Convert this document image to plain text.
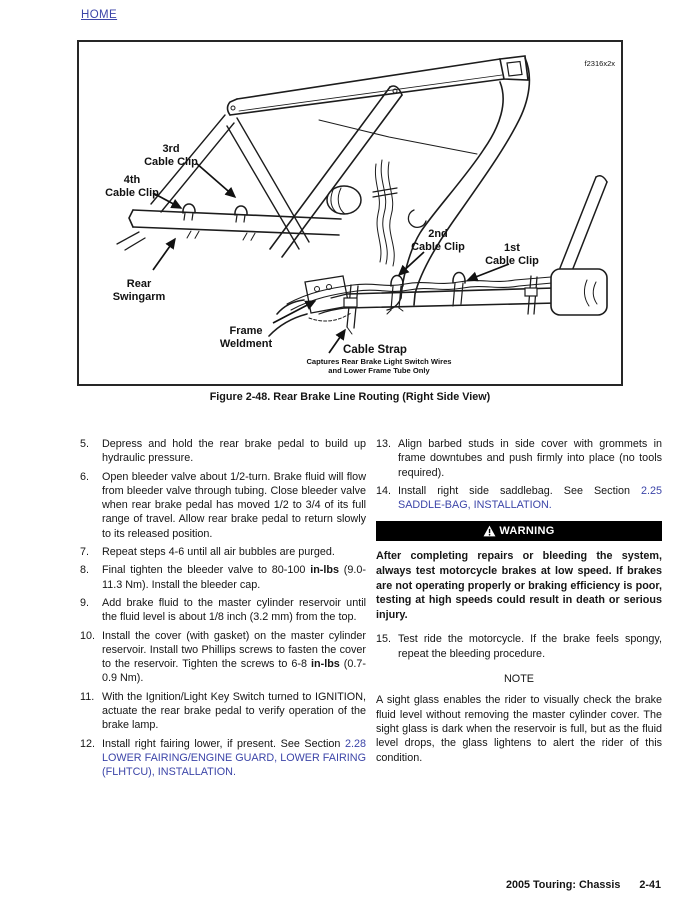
HOME
f2316x2x
3rd
Cable Clip
4th
Cable Clip
2nd
Cable Clip	1st
Cable Clip
Rear
Swingarm
Frame
Weldment	Cable Strap
Captures Rear Brake Light Switch Wires
and Lower Frame Tube Only
Figure 2-48. Rear Brake Line Routing (Right Side View)
5.	Depress and hold the rear brake pedal to build up hydraulic pressure.
6.	Open bleeder valve about 1/2-turn. Brake fluid will flow from bleeder valve through tubing. Close bleeder valve when rear brake pedal has moved 1/2 to 3/4 of its full range of travel. Allow rear brake pedal to return slowly to its released position.
7.	Repeat steps 4-6 until all air bubbles are purged.
8.	Final tighten the bleeder valve to 80-100 in-lbs (9.0-11.3 Nm). Install the bleeder cap.
9.	Add brake fluid to the master cylinder reservoir until the fluid level is about 1/8 inch (3.2 mm) from the top.
10. Install the cover (with gasket) on the master cylinder reservoir. Install two Phillips screws to fasten the cover to the reservoir. Tighten the screws to 6-8 in-lbs (0.7-0.9 Nm).
11. With the Ignition/Light Key Switch turned to IGNITION, actuate the rear brake pedal to verify operation of the brake lamp.
12. Install right fairing lower, if present. See Section 2.28 LOWER FAIRING/ENGINE GUARD, LOWER FAIRING (FLHTCU), INSTALLATION.
13. Align barbed studs in side cover with grommets in frame downtubes and push firmly into place (no tools required).
14. Install right side saddlebag. See Section 2.25 SADDLE-BAG, INSTALLATION.
WARNING
After completing repairs or bleeding the system, always test motorcycle brakes at low speed. If brakes are not operating properly or braking efficiency is poor, testing at high speeds could result in death or serious injury.
15. Test ride the motorcycle. If the brake feels spongy, repeat the bleeding procedure.
NOTE
A sight glass enables the rider to visually check the brake fluid level without removing the master cylinder cover. The sight glass is dark when the reservoir is full, but as the fluid level drops, the glass lightens to alert the rider of this condition.
2005 Touring: Chassis 2-41
